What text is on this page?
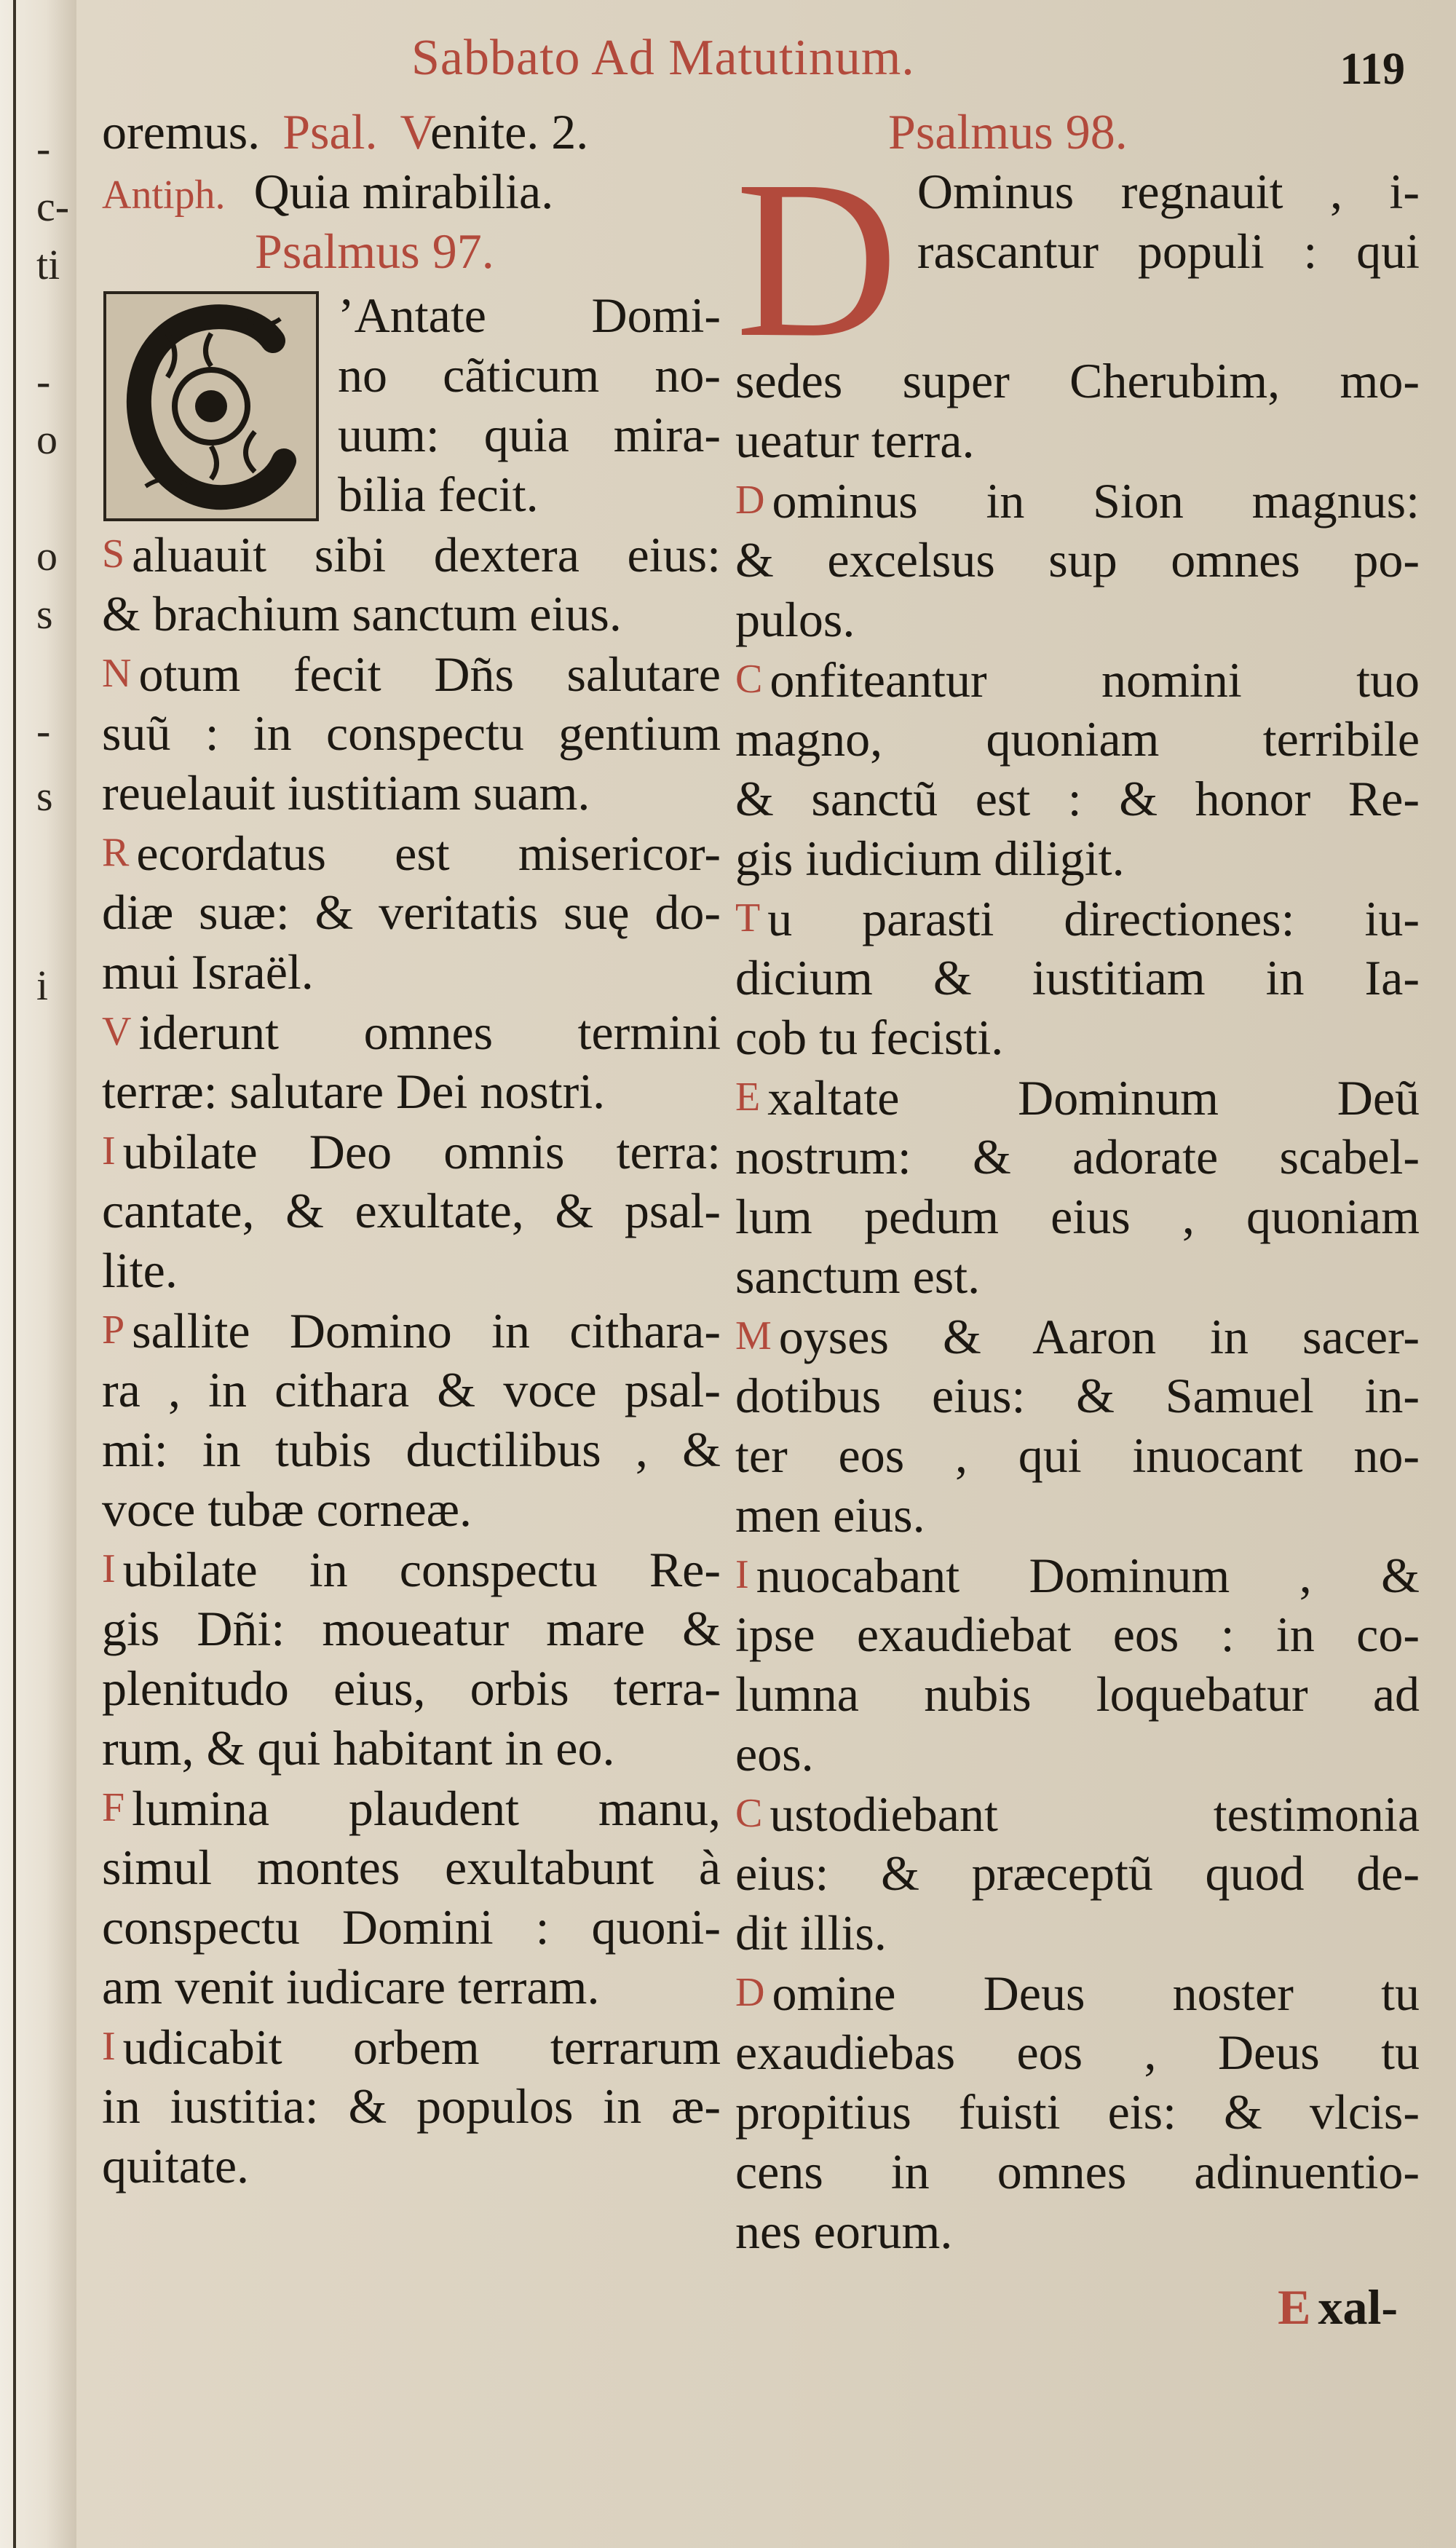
-
c-
ti
-
o
o
s
-
s
i
Sabbato Ad Matutinum.	119
oremus. Psal. Venite. 2.
Antiph. Quia mirabilia.
Psalmus 97.
’Antate Domi-
no cãticum no-
uum: quia mira-
bilia fecit.
S aluauit sibi dextera eius:
& brachium sanctum eius.
N otum fecit Dñs salutare
suũ : in conspectu gentium
reuelauit iustitiam suam.
R ecordatus est misericor-
diæ suæ: & veritatis suę do-
mui Israël.
V iderunt omnes termini
terræ: salutare Dei nostri.
I ubilate Deo omnis terra:
cantate, & exultate, & psal-
lite.
P sallite Domino in cithara-
ra , in cithara & voce psal-
mi: in tubis ductilibus , &
voce tubæ corneæ.
I ubilate in conspectu Re-
gis Dñi: moueatur mare &
plenitudo eius, orbis terra-
rum, & qui habitant in eo.
F lumina plaudent manu,
simul montes exultabunt à
conspectu Domini : quoni-
am venit iudicare terram.
I udicabit orbem terrarum
in iustitia: & populos in æ-
quitate.
Psalmus 98.
D Ominus regnauit , i-
rascantur populi : qui
sedes super Cherubim, mo-
ueatur terra.
D ominus in Sion magnus:
& excelsus sup omnes po-
pulos.
C onfiteantur nomini tuo
magno, quoniam terribile
& sanctũ est : & honor Re-
gis iudicium diligit.
T u parasti directiones: iu-
dicium & iustitiam in Ia-
cob tu fecisti.
E xaltate Dominum Deũ
nostrum: & adorate scabel-
lum pedum eius , quoniam
sanctum est.
M oyses & Aaron in sacer-
dotibus eius: & Samuel in-
ter eos , qui inuocant no-
men eius.
I nuocabant Dominum , &
ipse exaudiebat eos : in co-
lumna nubis loquebatur ad
eos.
C ustodiebant testimonia
eius: & præceptũ quod de-
dit illis.
D omine Deus noster tu
exaudiebas eos , Deus tu
propitius fuisti eis: & vlcis-
cens in omnes adinuentio-
nes eorum.
E xal-
